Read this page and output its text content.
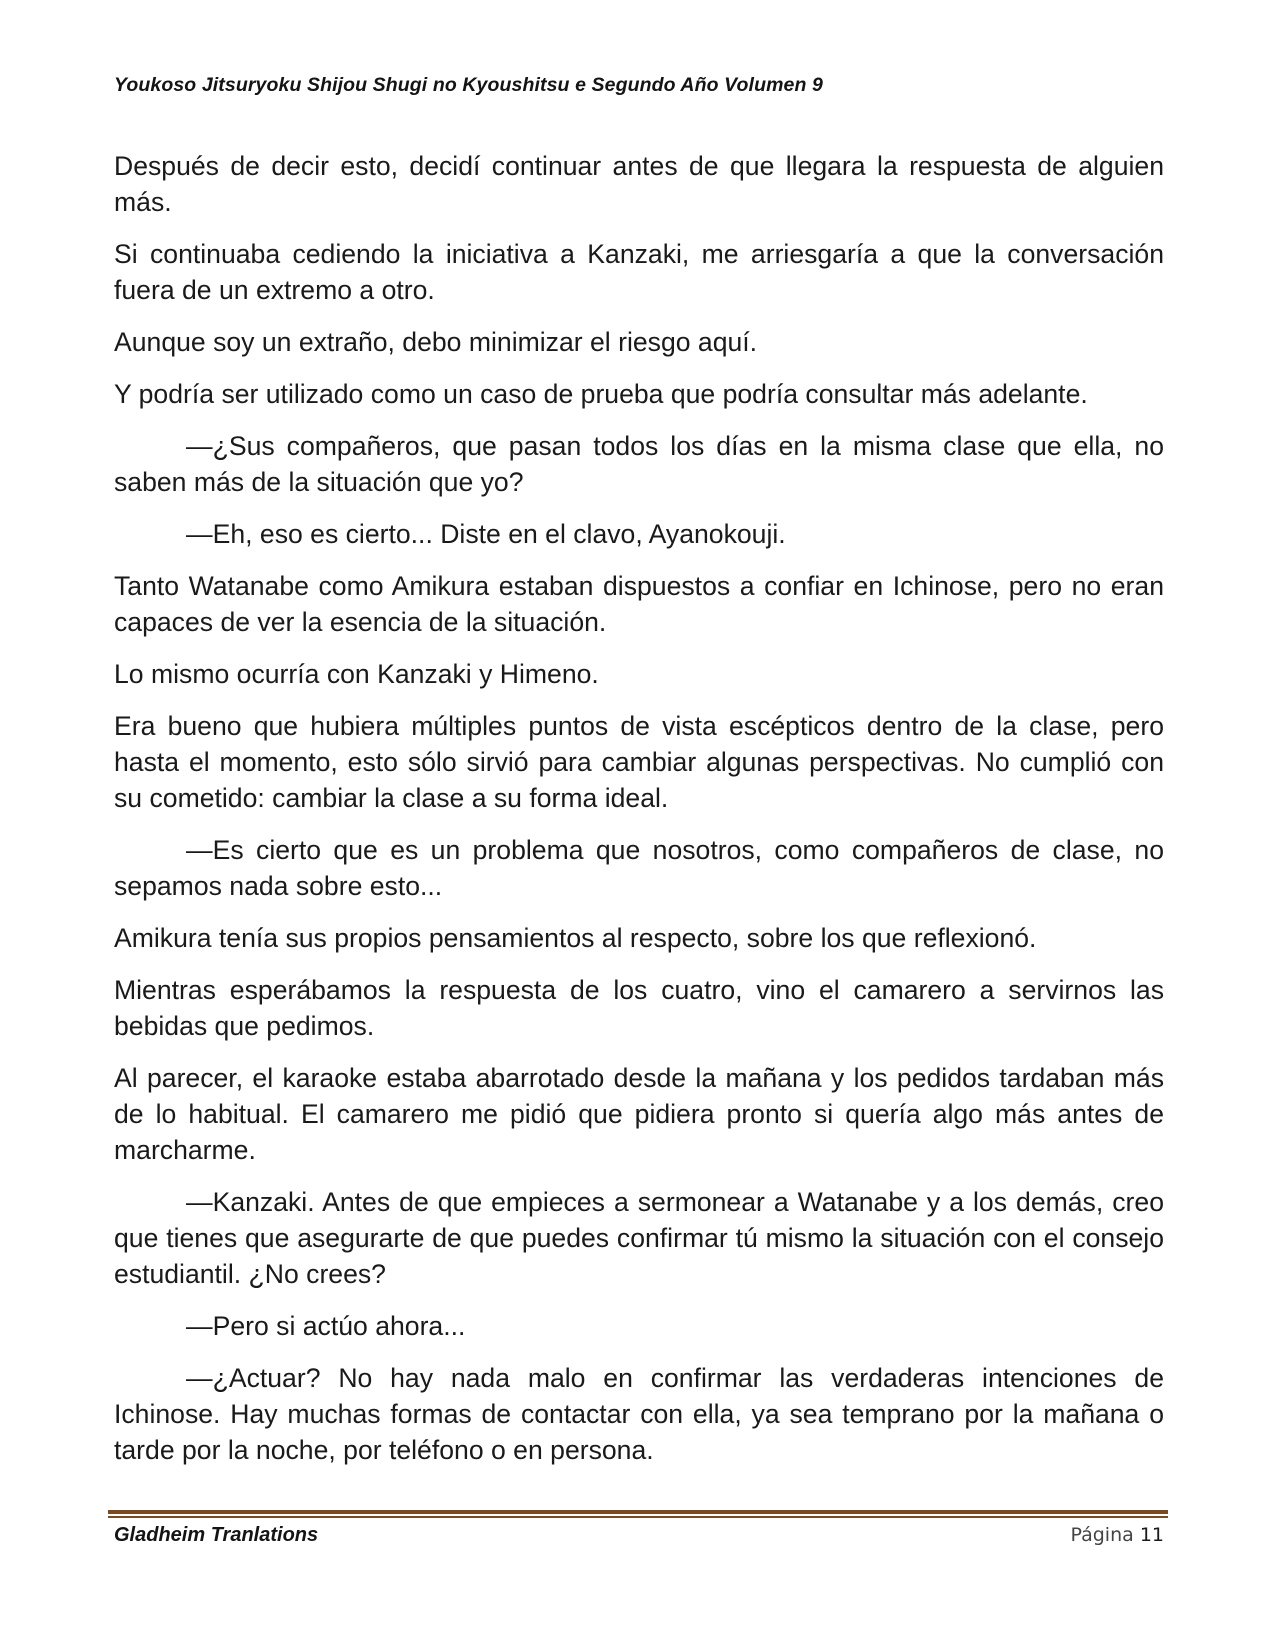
Youkoso Jitsuryoku Shijou Shugi no Kyoushitsu e Segundo Año Volumen 9

Después de decir esto, decidí continuar antes de que llegara la respuesta de alguien más.

Si continuaba cediendo la iniciativa a Kanzaki, me arriesgaría a que la conversación fuera de un extremo a otro.

Aunque soy un extraño, debo minimizar el riesgo aquí.

Y podría ser utilizado como un caso de prueba que podría consultar más adelante.

—¿Sus compañeros, que pasan todos los días en la misma clase que ella, no saben más de la situación que yo?

—Eh, eso es cierto... Diste en el clavo, Ayanokouji.

Tanto Watanabe como Amikura estaban dispuestos a confiar en Ichinose, pero no eran capaces de ver la esencia de la situación.

Lo mismo ocurría con Kanzaki y Himeno.

Era bueno que hubiera múltiples puntos de vista escépticos dentro de la clase, pero hasta el momento, esto sólo sirvió para cambiar algunas perspectivas. No cumplió con su cometido: cambiar la clase a su forma ideal.

—Es cierto que es un problema que nosotros, como compañeros de clase, no sepamos nada sobre esto...

Amikura tenía sus propios pensamientos al respecto, sobre los que reflexionó.

Mientras esperábamos la respuesta de los cuatro, vino el camarero a servirnos las bebidas que pedimos.

Al parecer, el karaoke estaba abarrotado desde la mañana y los pedidos tardaban más de lo habitual. El camarero me pidió que pidiera pronto si quería algo más antes de marcharme.

—Kanzaki. Antes de que empieces a sermonear a Watanabe y a los demás, creo que tienes que asegurarte de que puedes confirmar tú mismo la situación con el consejo estudiantil. ¿No crees?

—Pero si actúo ahora...

—¿Actuar? No hay nada malo en confirmar las verdaderas intenciones de Ichinose. Hay muchas formas de contactar con ella, ya sea temprano por la mañana o tarde por la noche, por teléfono o en persona.

Gladheim Tranlations	Página 11
